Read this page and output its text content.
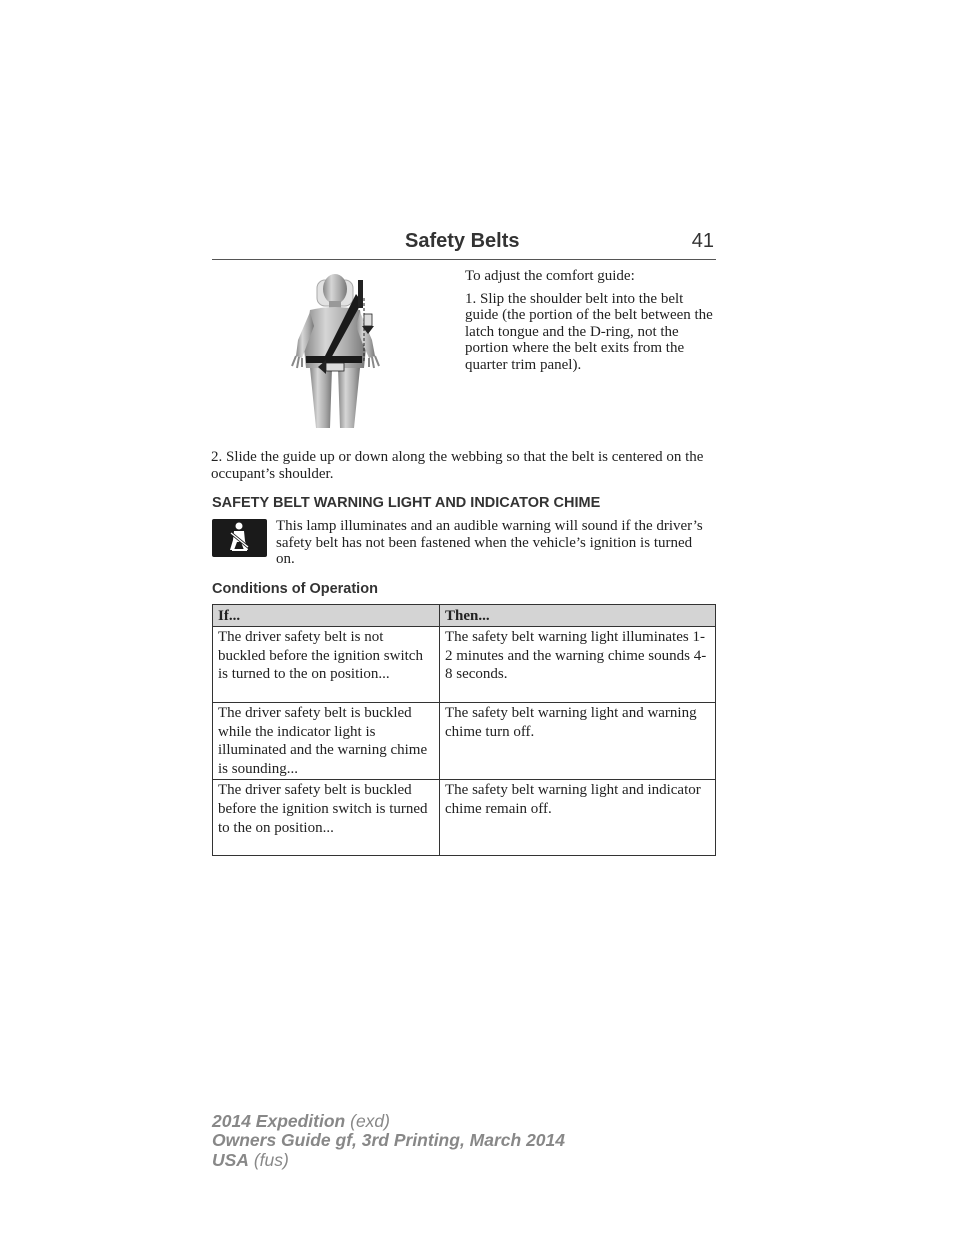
Safety Belts	41

To adjust the comfort guide:

1. Slip the shoulder belt into the belt guide (the portion of the belt between the latch tongue and the D-ring, not the portion where the belt exits from the quarter trim panel).

2. Slide the guide up or down along the webbing so that the belt is centered on the occupant’s shoulder.

SAFETY BELT WARNING LIGHT AND INDICATOR CHIME

This lamp illuminates and an audible warning will sound if the driver’s safety belt has not been fastened when the vehicle’s ignition is turned on.

Conditions of Operation
If...	Then...
The driver safety belt is not buckled before the ignition switch is turned to the on position...	The safety belt warning light illuminates 1-2 minutes and the warning chime sounds 4-8 seconds.
The driver safety belt is buckled while the indicator light is illuminated and the warning chime is sounding...	The safety belt warning light and warning chime turn off.
The driver safety belt is buckled before the ignition switch is turned to the on position...	The safety belt warning light and indicator chime remain off.
2014 Expedition (exd)
Owners Guide gf, 3rd Printing, March 2014
USA (fus)
